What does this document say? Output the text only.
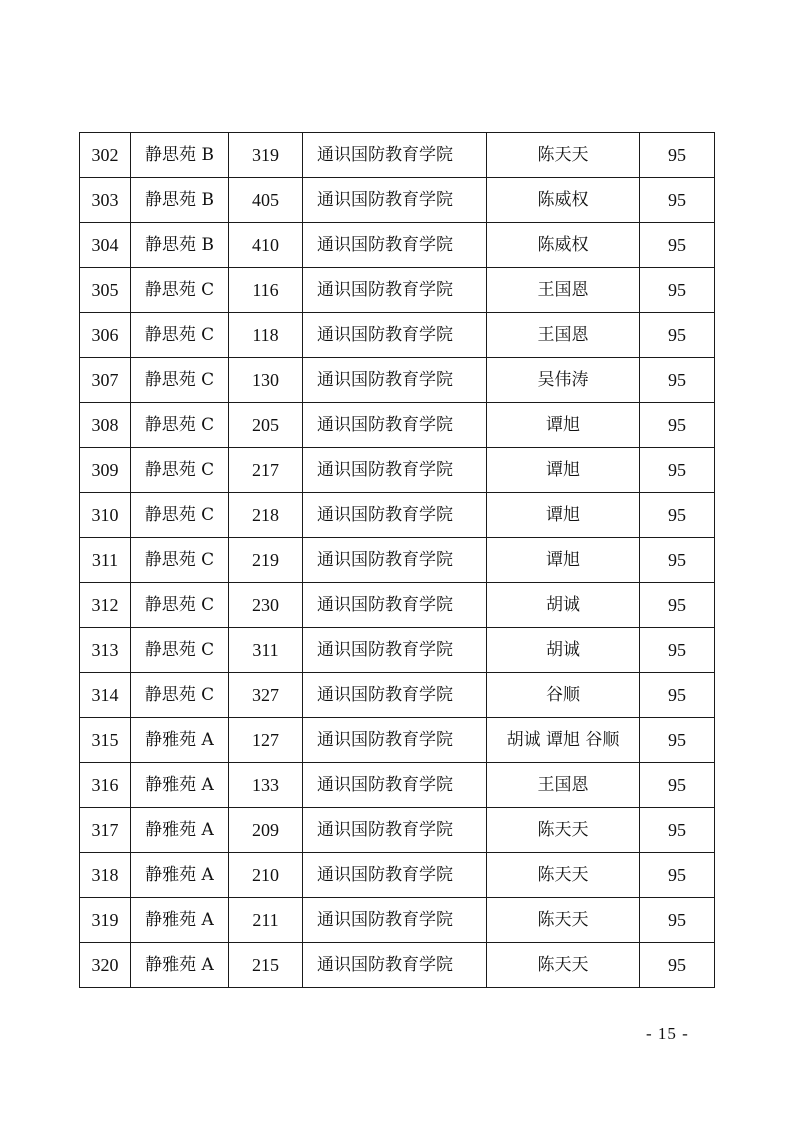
302	静思苑 B	319	通识国防教育学院	陈天天	95
303	静思苑 B	405	通识国防教育学院	陈威权	95
304	静思苑 B	410	通识国防教育学院	陈威权	95
305	静思苑 C	116	通识国防教育学院	王国恩	95
306	静思苑 C	118	通识国防教育学院	王国恩	95
307	静思苑 C	130	通识国防教育学院	吴伟涛	95
308	静思苑 C	205	通识国防教育学院	谭旭	95
309	静思苑 C	217	通识国防教育学院	谭旭	95
310	静思苑 C	218	通识国防教育学院	谭旭	95
311	静思苑 C	219	通识国防教育学院	谭旭	95
312	静思苑 C	230	通识国防教育学院	胡诚	95
313	静思苑 C	311	通识国防教育学院	胡诚	95
314	静思苑 C	327	通识国防教育学院	谷顺	95
315	静雅苑 A	127	通识国防教育学院	胡诚 谭旭 谷顺	95
316	静雅苑 A	133	通识国防教育学院	王国恩	95
317	静雅苑 A	209	通识国防教育学院	陈天天	95
318	静雅苑 A	210	通识国防教育学院	陈天天	95
319	静雅苑 A	211	通识国防教育学院	陈天天	95
320	静雅苑 A	215	通识国防教育学院	陈天天	95
- 15 -
